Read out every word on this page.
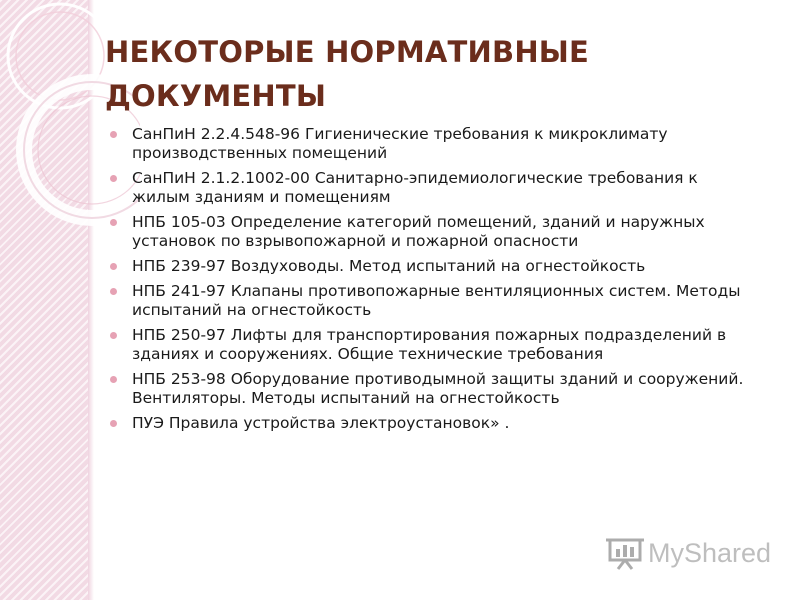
НЕКОТОРЫЕ НОРМАТИВНЫЕ ДОКУМЕНТЫ
СанПиН 2.2.4.548-96 Гигиенические требования к микроклимату производственных помещений
СанПиН 2.1.2.1002-00 Санитарно-эпидемиологические требования к жилым зданиям и помещениям
НПБ 105-03 Определение категорий помещений, зданий и наружных установок по взрывопожарной и пожарной опасности
НПБ 239-97 Воздуховоды. Метод испытаний на огнестойкость
НПБ 241-97 Клапаны противопожарные вентиляционных систем. Методы испытаний на огнестойкость
НПБ 250-97 Лифты для транспортирования пожарных подразделений в зданиях и сооружениях. Общие технические требования
НПБ 253-98 Оборудование противодымной защиты зданий и сооружений. Вентиляторы. Методы испытаний на огнестойкость
ПУЭ Правила устройства электроустановок» .
MyShared
